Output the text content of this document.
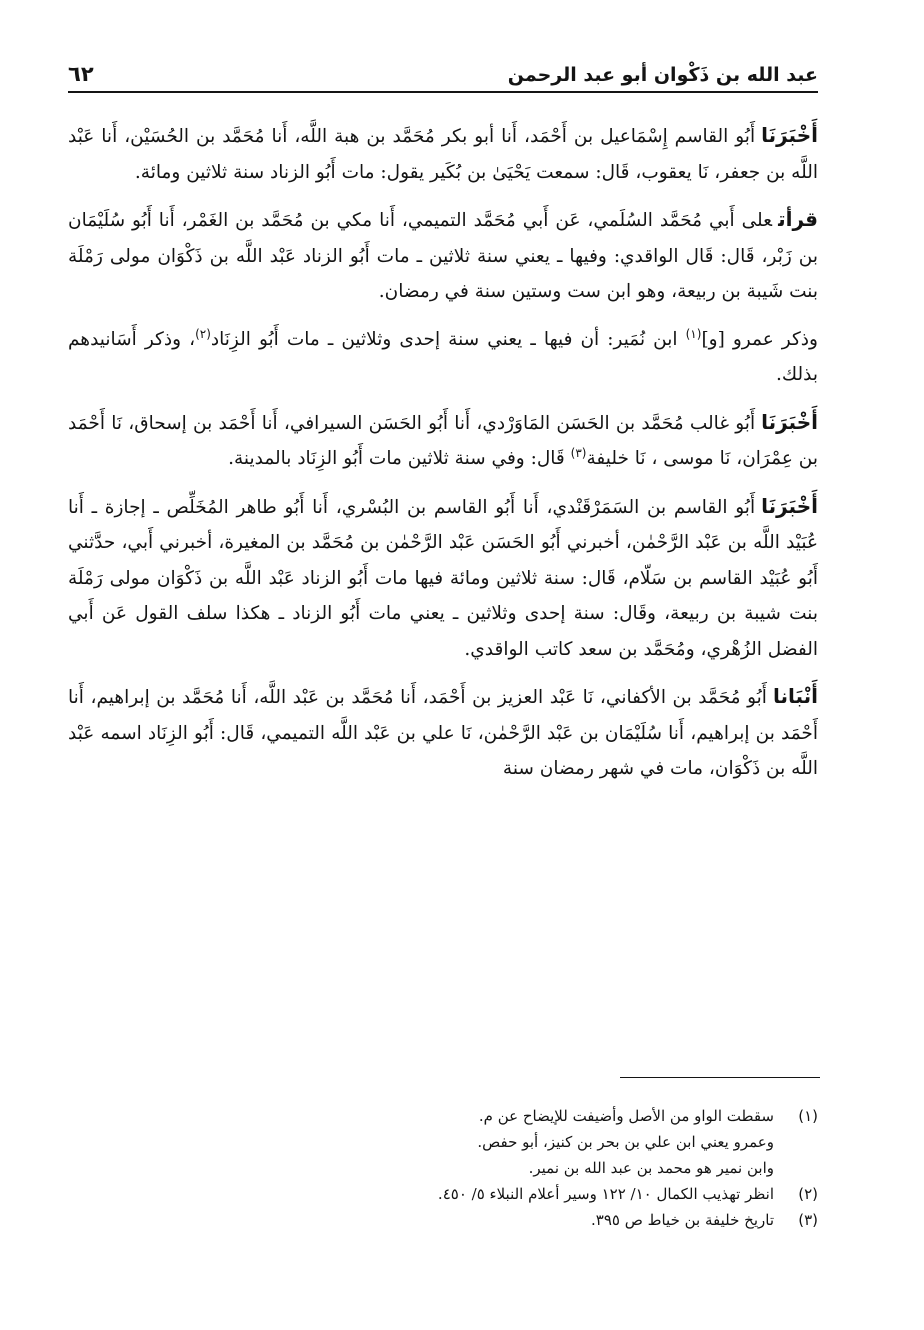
عبد الله بن ذَكْوان أبو عبد الرحمن
٦٢

أَخْبَرَنَاأَبُو القاسم إِسْمَاعيل بن أَحْمَد، أَنا أبو بكر مُحَمَّد بن هبة اللَّه، أَنا مُحَمَّد بن الحُسَيْن، أَنا عَبْد اللَّه بن جعفر، نَا يعقوب، قَال: سمعت يَحْيَىٰ بن بُكَير يقول: مات أَبُو الزناد سنة ثلاثين ومائة.

قرأتعلى أَبي مُحَمَّد السُلَمي، عَن أَبي مُحَمَّد التميمي، أَنا مكي بن مُحَمَّد بن الغَمْر، أَنا أَبُو سُلَيْمَان بن زَبْر، قَال: قَال الواقدي: وفيها ـ يعني سنة ثلاثين ـ مات أَبُو الزناد عَبْد اللَّه بن ذَكْوَان مولى رَمْلَة بنت شَيبة بن ربيعة، وهو ابن ست وستين سنة في رمضان.

وذكر عمرو [و]$^{(١)}$ ابن نُمَير: أن فيها ـ يعني سنة إحدى وثلاثين ـ مات أَبُو الزِنَاد$^{(٢)}$، وذكر أَسَانيدهم بذلك.

أَخْبَرَنَاأَبُو غالب مُحَمَّد بن الحَسَن المَاوَرْدي، أَنا أَبُو الحَسَن السيرافي، أَنا أَحْمَد بن إسحاق، نَا أَحْمَد بن عِمْرَان، نَا موسى ، نَا خليفة$^{(٣)}$ قَال: وفي سنة ثلاثين مات أَبُو الزِنَاد بالمدينة.

أَخْبَرَنَاأَبُو القاسم بن السَمَرْقَنْدي، أَنا أَبُو القاسم بن البُسْري، أَنا أَبُو طاهر المُخَلِّص ـ إجازة ـ أَنا عُبَيْد اللَّه بن عَبْد الرَّحْمٰن، أخبرني أَبُو الحَسَن عَبْد الرَّحْمٰن بن مُحَمَّد بن المغيرة، أخبرني أَبي، حدَّثني أَبُو عُبَيْد القاسم بن سَلّام، قَال: سنة ثلاثين ومائة فيها مات أَبُو الزناد عَبْد اللَّه بن ذَكْوَان مولى رَمْلَة بنت شيبة بن ربيعة، وقَال: سنة إحدى وثلاثين ـ يعني مات أَبُو الزناد ـ هكذا سلف القول عَن أَبي الفضل الزُهْري، ومُحَمَّد بن سعد كاتب الواقدي.

أَنْبَاناأَبُو مُحَمَّد بن الأكفاني، نَا عَبْد العزيز بن أَحْمَد، أَنا مُحَمَّد بن عَبْد اللَّه، أَنا مُحَمَّد بن إبراهيم، أَنا أَحْمَد بن إبراهيم، أَنا سُلَيْمَان بن عَبْد الرَّحْمٰن، نَا علي بن عَبْد اللَّه التميمي، قَال: أَبُو الزِنَاد اسمه عَبْد اللَّه بن ذَكْوَان، مات في شهر رمضان سنة

(١)
سقطت الواو من الأصل وأضيفت للإيضاح عن م.
وعمرو يعني ابن علي بن بحر بن كنيز، أبو حفص.
وابن نمير هو محمد بن عبد الله بن نمير.
(٢)
انظر تهذيب الكمال ١٠/ ١٢٢ وسير أعلام النبلاء ٥/ ٤٥٠.
(٣)
تاريخ خليفة بن خياط ص ٣٩٥.
